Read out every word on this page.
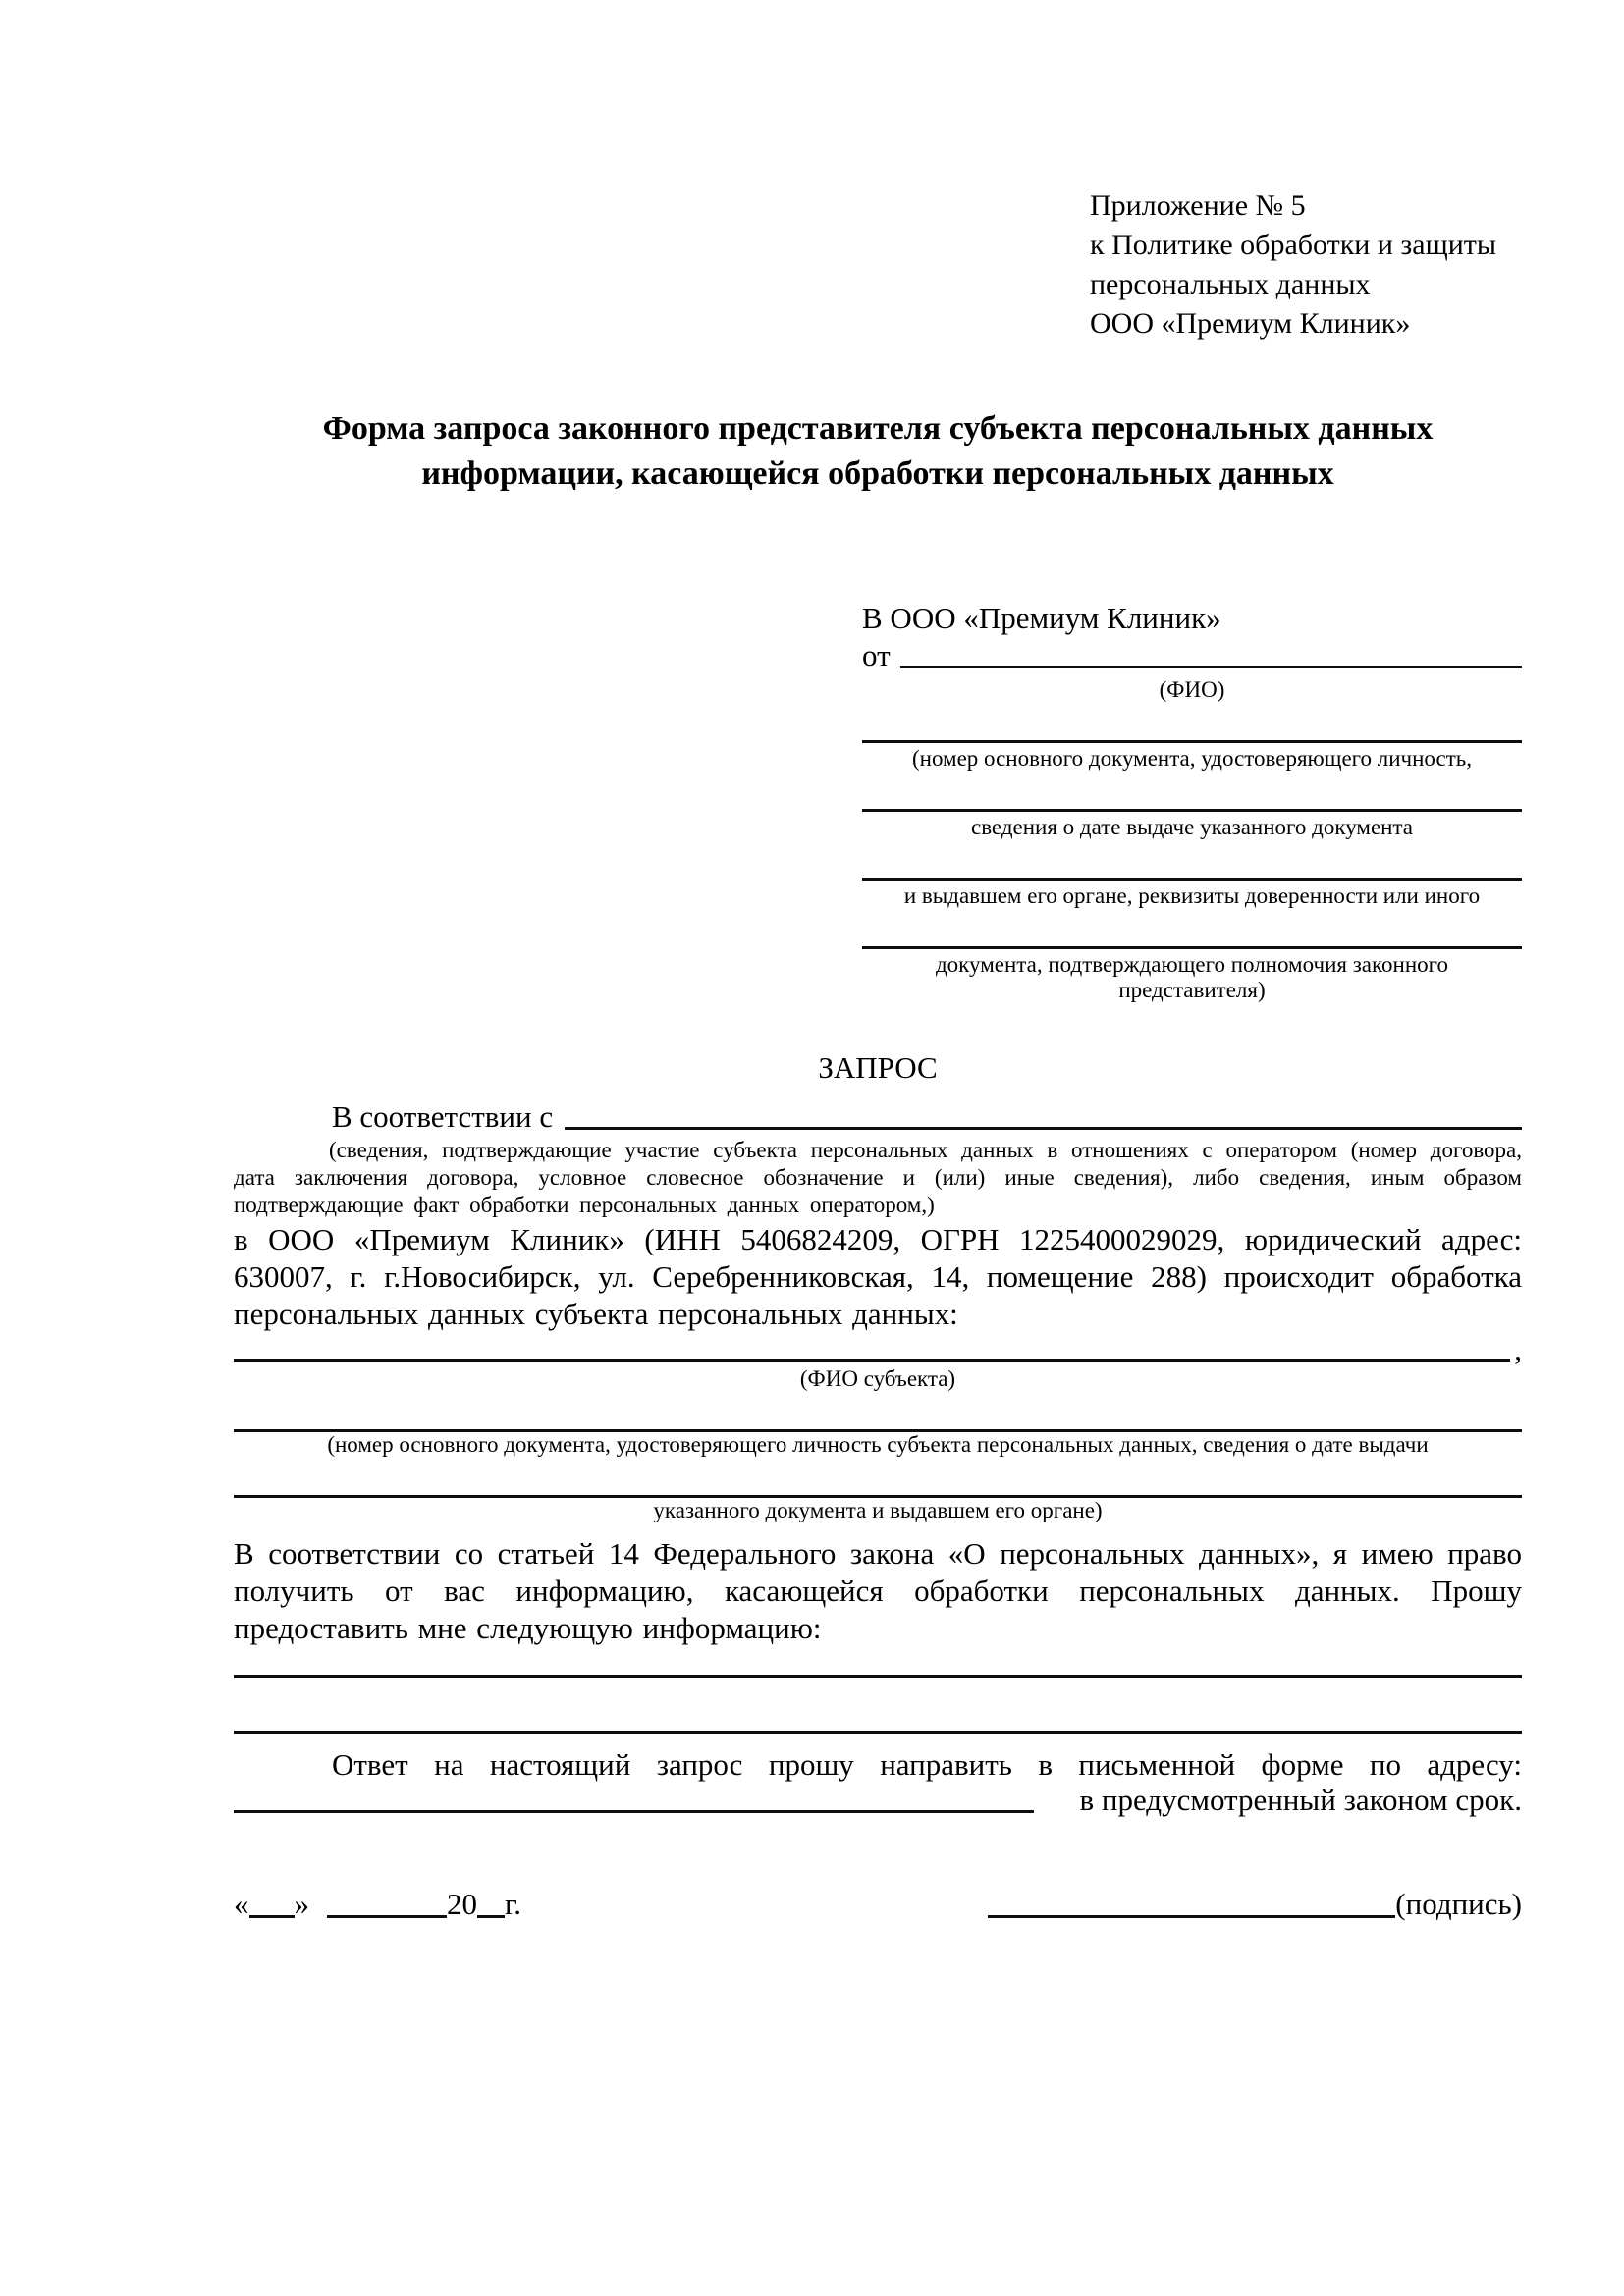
Приложение № 5
к Политике обработки и защиты
персональных данных
ООО «Премиум Клиник»
Форма запроса законного представителя субъекта персональных данных информации, касающейся обработки персональных данных
В ООО «Премиум Клиник»
от
(ФИО)
(номер основного документа, удостоверяющего личность,
сведения о дате выдаче указанного документа
и выдавшем его органе, реквизиты доверенности или иного
документа, подтверждающего полномочия законного представителя)
ЗАПРОС
В соответствии с
(сведения, подтверждающие участие субъекта персональных данных в отношениях с оператором (номер договора, дата заключения договора, условное словесное обозначение и (или) иные сведения), либо сведения, иным образом подтверждающие факт обработки персональных данных оператором,)

в ООО «Премиум Клиник» (ИНН 5406824209, ОГРН 1225400029029, юридический адрес: 630007, г. г.Новосибирск, ул. Серебренниковская, 14, помещение 288) происходит обработка персональных данных субъекта персональных данных:

,
(ФИО субъекта)
(номер основного документа, удостоверяющего личность субъекта персональных данных, сведения о дате выдачи
указанного документа и выдавшем его органе)

В соответствии со статьей 14 Федерального закона «О персональных данных», я имею право получить от вас информацию, касающейся обработки персональных данных. Прошу предоставить мне следующую информацию:

Ответ на настоящий запрос прошу направить в письменной форме по адресу:
в предусмотренный законом срок.
« »	20 г.	(подпись)
